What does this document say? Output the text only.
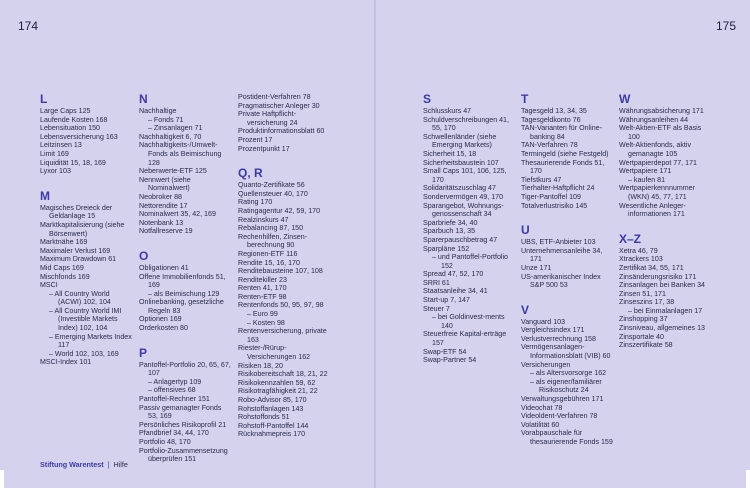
174
L
Large Caps 125
Laufende Kosten 168
Lebensituation 150
Lebensversicherung 163
Leitzinsen 13
Limit 169
Liquidität 15, 18, 169
Lyxor 103
M
Magisches Dreieck der Geldanlage 15
Marktkapitalisierung (siehe Börsenwert)
Marktnähe 169
Maximaler Verlust 169
Maximum Drawdown 61
Mid Caps 169
Mischfonds 169
MSCI
– All Country World (ACWI) 102, 104
– All Country World IMI (Investible Markets Index) 102, 104
– Emerging Markets Index 117
– World 102, 103, 169
MSCI-Index 101
N
Nachhaltige
– Fonds 71
– Zinsanlagen 71
Nachhaltigkeit 6, 70
Nachhaltigkeits-/Umwelt-Fonds als Beimischung 128
Nebenwerte-ETF 125
Nennwert (siehe Nominalwert)
Neobroker 88
Nettorendite 17
Nominalwert 35, 42, 169
Notenbank 13
Notfallreserve 19
O
Obligationen 41
Offene Immobilienfonds 51, 169
– als Beimischung 129
Onlinebanking, gesetzliche Regeln 83
Optionen 169
Orderkosten 80
P
Pantoffel-Portfolio 20, 65, 67, 107
– Anlagertyp 109
– offensives 68
Pantoffel-Rechner 151
Passiv gemanagter Fonds 53, 169
Persönliches Risikoprofil 21
Pfandbrief 34, 44, 170
Portfolio 48, 170
Portfolio-Zusammensetzung überprüfen 151
Postident-Verfahren 78
Pragmatischer Anleger 30
Private Haftpflicht-versicherung 24
Produktinformationsblatt 60
Prozent 17
Prozentpunkt 17
Q, R
Quanto-Zertifikate 56
Quellensteuer 40, 170
Rating 170
Ratingagentur 42, 59, 170
Realzinskurs 47
Rebalancing 87, 150
Rechenhilfen, Zinsen-berechnung 90
Regionen-ETF 116
Rendite 15, 16, 170
Renditebausteine 107, 108
Renditekiller 23
Renten 41, 170
Renten-ETF 98
Rentenfonds 50, 95, 97, 98
– Euro 99
– Kosten 98
Rentenversicherung, private 163
Riester-/Rürup-Versicherungen 162
Risiken 18, 20
Risikobereitschaft 18, 21, 22
Risikokennzahlen 59, 62
Risikotragfähigkeit 21, 22
Robo-Advisor 85, 170
Rohstoffanlagen 143
Rohstoffonds 51
Rohstoff-Pantoffel 144
Rücknahmepreis 170
Stiftung Warentest | Hilfe
175
S
Schlusskurs 47
Schuldverschreibungen 41, 55, 170
Schwellenländer (siehe Emerging Markets)
Sicherheit 15, 18
Sicherheitsbaustein 107
Small Caps 101, 106, 125, 170
Solidaritätszuschlag 47
Sondervermögen 49, 170
Sparangebot, Wohnungs-genossenschaft 34
Sparbriefe 34, 40
Sparbuch 13, 35
Sparerpauschbetrag 47
Sparpläne 152
– und Pantoffel-Portfolio 152
Spread 47, 52, 170
SRRI 61
Staatsanleihe 34, 41
Start-up 7, 147
Steuer 7
– bei Goldinvest-ments 140
Steuerfreie Kapital-erträge 157
Swap-ETF 54
Swap-Partner 54
T
Tagesgeld 13, 34, 35
Tagesgeldkonto 76
TAN-Varianten für Online-banking 84
TAN-Verfahren 78
Termingeld (siehe Festgeld)
Thesaurierende Fonds 51, 170
Tiefstkurs 47
Tierhalter-Haftpflicht 24
Tiger-Pantoffel 109
Totalverlustrisiko 145
U
UBS, ETF-Anbieter 103
Unternehmensanleihe 34, 171
Unze 171
US-amerikanischer Index S&P 500 53
V
Vanguard 103
Vergleichsindex 171
Verlustverrechnung 158
Vermögensanlagen-Informationsblatt (VIB) 60
Versicherungen
– als Altersvorsorge 162
– als eigener/familiärer Risikoschutz 24
Verwaltungsgebühren 171
Videochat 78
Videoldent-Verfahren 78
Volatilität 60
Vorabpauschale für thesaurierende Fonds 159
W
Währungsabsicherung 171
Währungsanleihen 44
Welt-Aktien-ETF als Basis 100
Welt-Aktienfonds, aktiv gemanagte 105
Wertpapierdepot 77, 171
Wertpapiere 171
– kaufen 81
Wertpapierkennnummer (WKN) 45, 77, 171
Wesentliche Anleger-informationen 171
X–Z
Xetra 46, 79
Xtrackers 103
Zertifikat 34, 55, 171
Zinsänderungsrisiko 171
Zinsanlagen bei Banken 34
Zinsen 51, 171
Zinseszins 17, 38
– bei Einmalanlagen 17
Zinshopping 37
Zinsniveau, allgemeines 13
Zinsportale 40
Zinszertifikate 58
